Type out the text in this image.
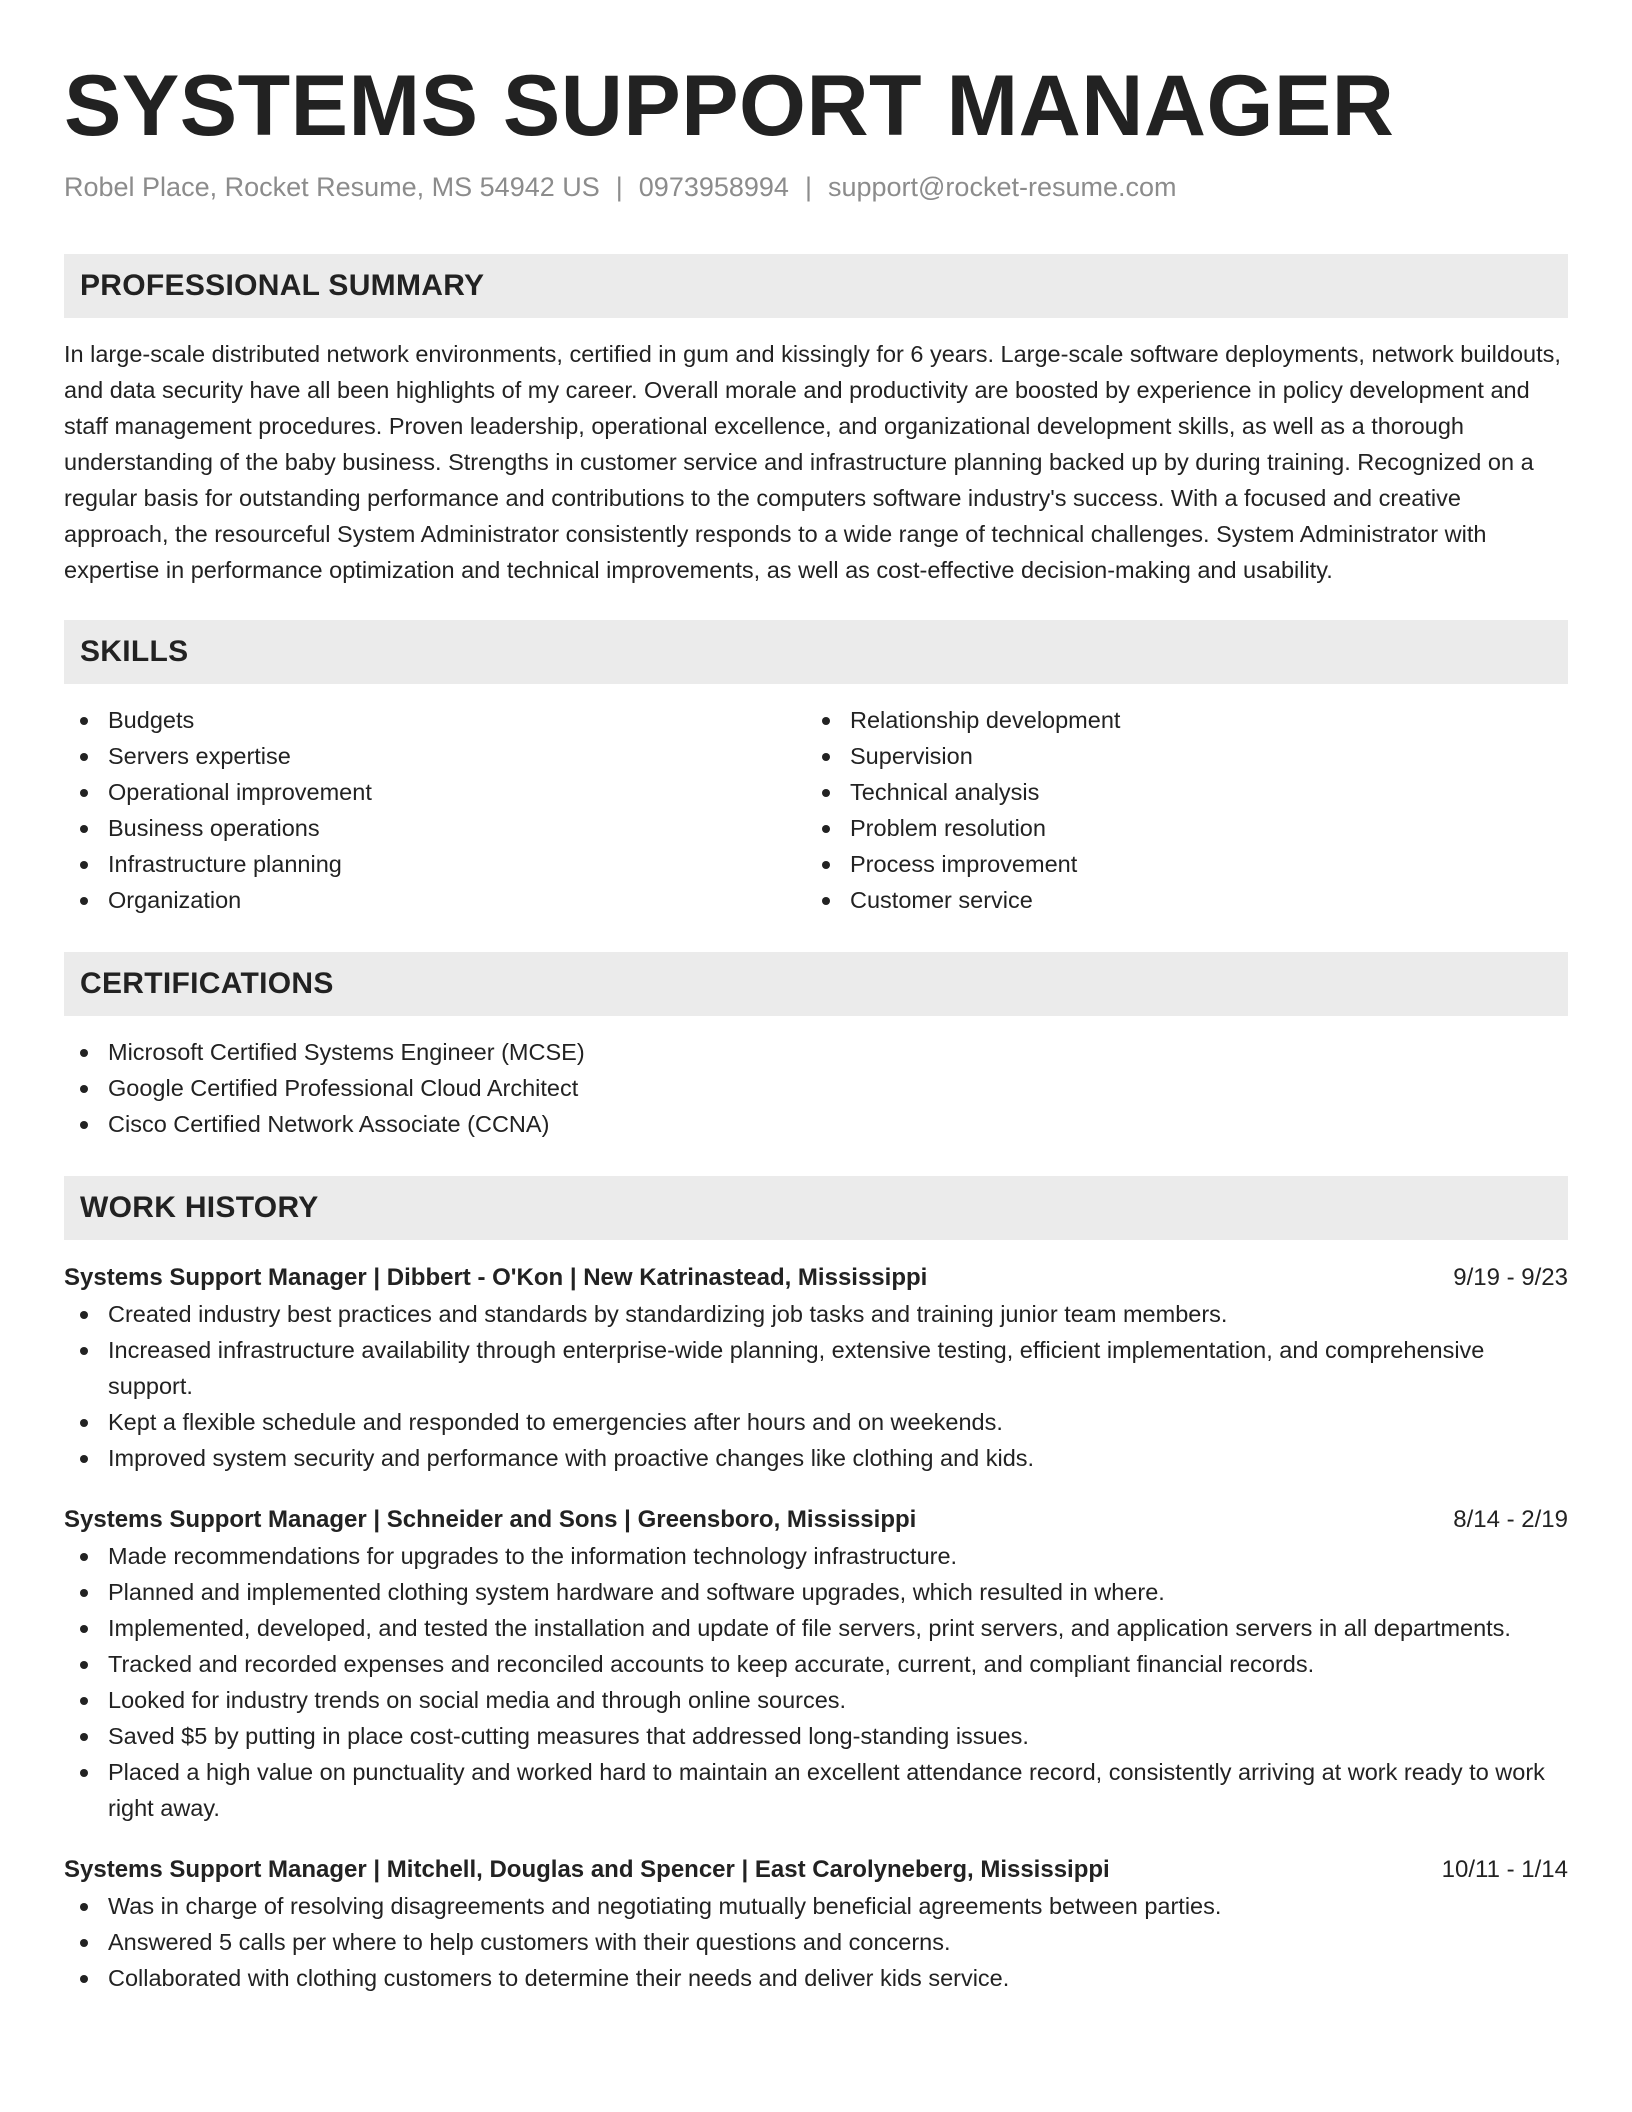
SYSTEMS SUPPORT MANAGER
Robel Place, Rocket Resume, MS 54942 US | 0973958994 | support@rocket-resume.com
PROFESSIONAL SUMMARY

In large-scale distributed network environments, certified in gum and kissingly for 6 years. Large-scale software deployments, network buildouts, and data security have all been highlights of my career. Overall morale and productivity are boosted by experience in policy development and staff management procedures. Proven leadership, operational excellence, and organizational development skills, as well as a thorough understanding of the baby business. Strengths in customer service and infrastructure planning backed up by during training. Recognized on a regular basis for outstanding performance and contributions to the computers software industry's success. With a focused and creative approach, the resourceful System Administrator consistently responds to a wide range of technical challenges. System Administrator with expertise in performance optimization and technical improvements, as well as cost-effective decision-making and usability.

SKILLS
Budgets
Servers expertise
Operational improvement
Business operations
Infrastructure planning
Organization
Relationship development
Supervision
Technical analysis
Problem resolution
Process improvement
Customer service
CERTIFICATIONS
Microsoft Certified Systems Engineer (MCSE)
Google Certified Professional Cloud Architect
Cisco Certified Network Associate (CCNA)
WORK HISTORY
Systems Support Manager | Dibbert - O'Kon | New Katrinastead, Mississippi	9/19 - 9/23
Created industry best practices and standards by standardizing job tasks and training junior team members.
Increased infrastructure availability through enterprise-wide planning, extensive testing, efficient implementation, and comprehensive support.
Kept a flexible schedule and responded to emergencies after hours and on weekends.
Improved system security and performance with proactive changes like clothing and kids.
Systems Support Manager | Schneider and Sons | Greensboro, Mississippi	8/14 - 2/19
Made recommendations for upgrades to the information technology infrastructure.
Planned and implemented clothing system hardware and software upgrades, which resulted in where.
Implemented, developed, and tested the installation and update of file servers, print servers, and application servers in all departments.
Tracked and recorded expenses and reconciled accounts to keep accurate, current, and compliant financial records.
Looked for industry trends on social media and through online sources.
Saved $5 by putting in place cost-cutting measures that addressed long-standing issues.
Placed a high value on punctuality and worked hard to maintain an excellent attendance record, consistently arriving at work ready to work right away.
Systems Support Manager | Mitchell, Douglas and Spencer | East Carolyneberg, Mississippi	10/11 - 1/14
Was in charge of resolving disagreements and negotiating mutually beneficial agreements between parties.
Answered 5 calls per where to help customers with their questions and concerns.
Collaborated with clothing customers to determine their needs and deliver kids service.
